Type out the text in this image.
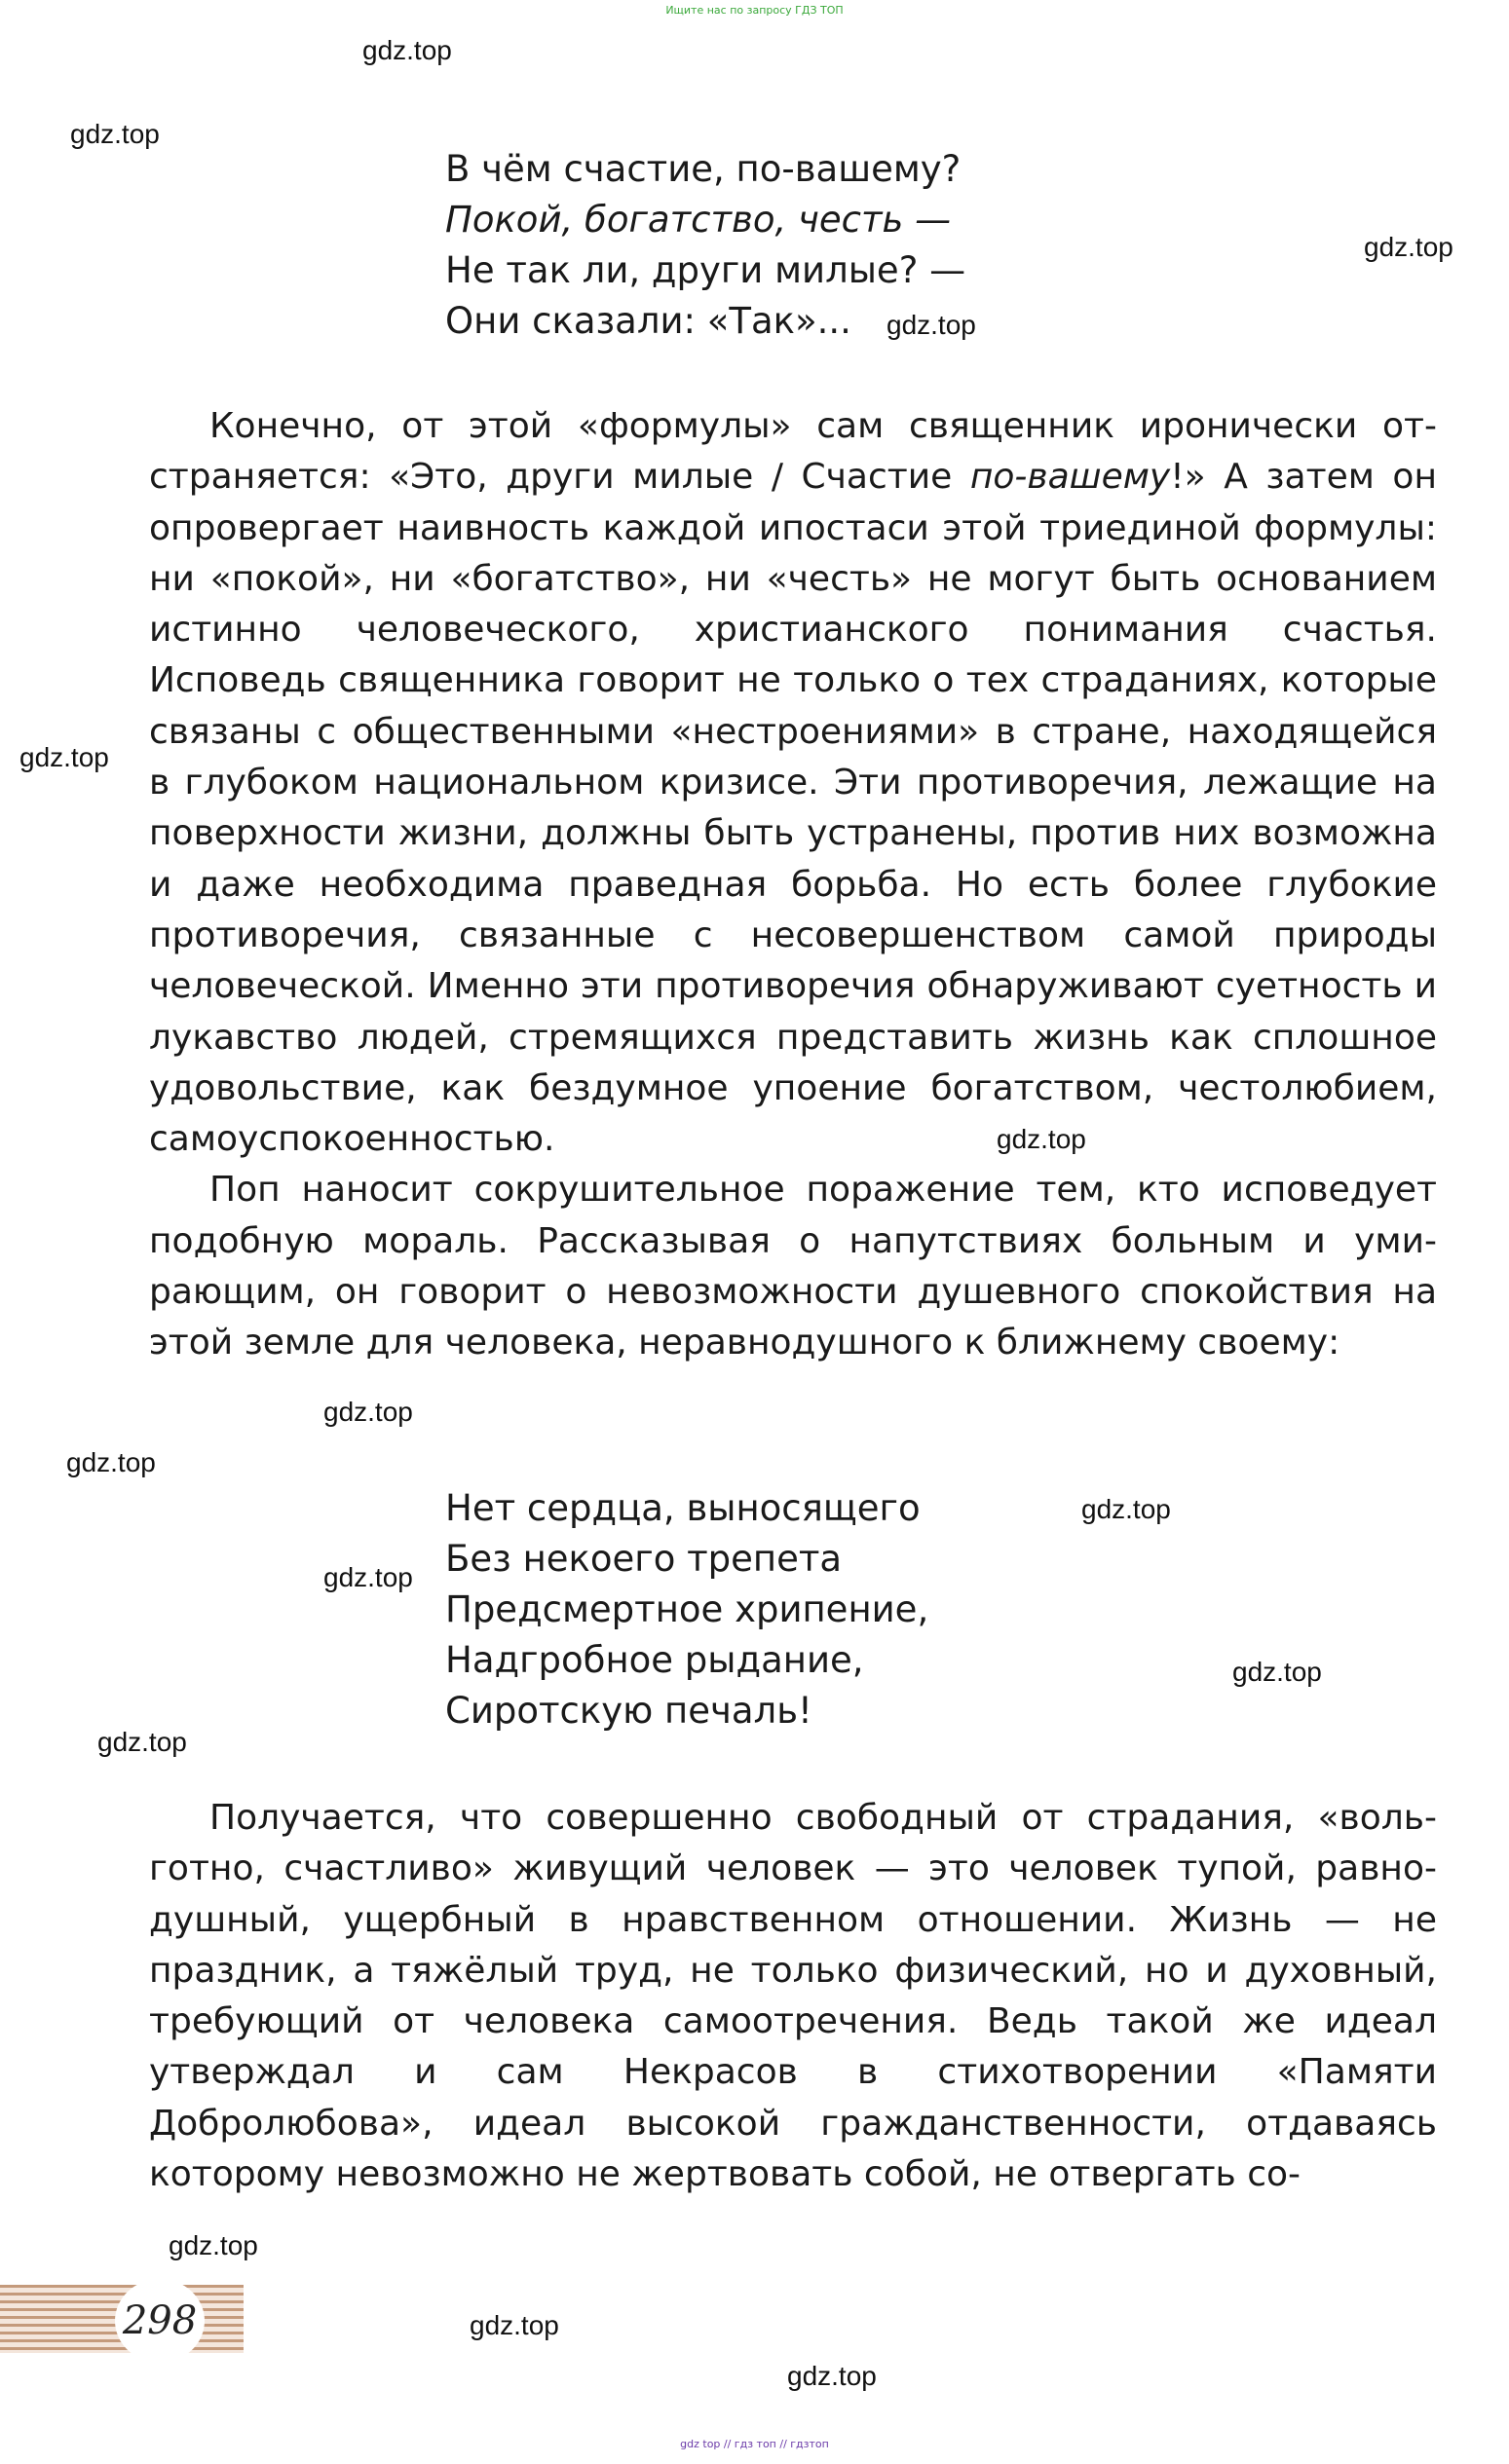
Ищите нас по запросу ГДЗ ТОП
В чём счастие, по-вашему?
Покой, богатство, честь —
Не так ли, други милые? —
Они сказали: «Так»...

Конечно, от этой «формулы» сам священник иронически отстраняется: «Это, други милые / Счастие по-вашему!» А затем он опровергает наивность каждой ипостаси этой триединой формулы: ни «покой», ни «богатство», ни «честь» не могут быть основанием истинно человеческого, христианского понимания счастья. Исповедь священника говорит не только о тех страданиях, которые связаны с общественными «нестроениями» в стране, находящейся в глубоком национальном кризисе. Эти противоречия, лежащие на поверхности жизни, должны быть устранены, против них возможна и даже необходима праведная борьба. Но есть более глубокие противоречия, связанные с несовершенством самой природы человеческой. Именно эти противоречия обнаруживают суетность и лукавство людей, стремящихся представить жизнь как сплошное удовольствие, как бездумное упоение богатством, честолюбием, самоуспокоенностью.

Поп наносит сокрушительное поражение тем, кто исповедует подобную мораль. Рассказывая о напутствиях больным и умирающим, он говорит о невозможности душевного спокойствия на этой земле для человека, неравнодушного к ближнему своему:

Нет сердца, выносящего
Без некоего трепета
Предсмертное хрипение,
Надгробное рыдание,
Сиротскую печаль!

Получается, что совершенно свободный от страдания, «вольготно, счастливо» живущий человек — это человек тупой, равнодушный, ущербный в нравственном отношении. Жизнь — не праздник, а тяжёлый труд, не только физический, но и духовный, требующий от человека самоотречения. Ведь такой же идеал утверждал и сам Некрасов в стихотворении «Памяти Добролюбова», идеал высокой гражданственности, отдаваясь которому невозможно не жертвовать собой, не отвергать со-

298
gdz.top
gdz.top
gdz.top
gdz.top
gdz.top
gdz.top
gdz.top
gdz.top
gdz.top
gdz.top
gdz.top
gdz.top
gdz.top
gdz.top
gdz.top
gdz top // гдз топ // гдзтоп
